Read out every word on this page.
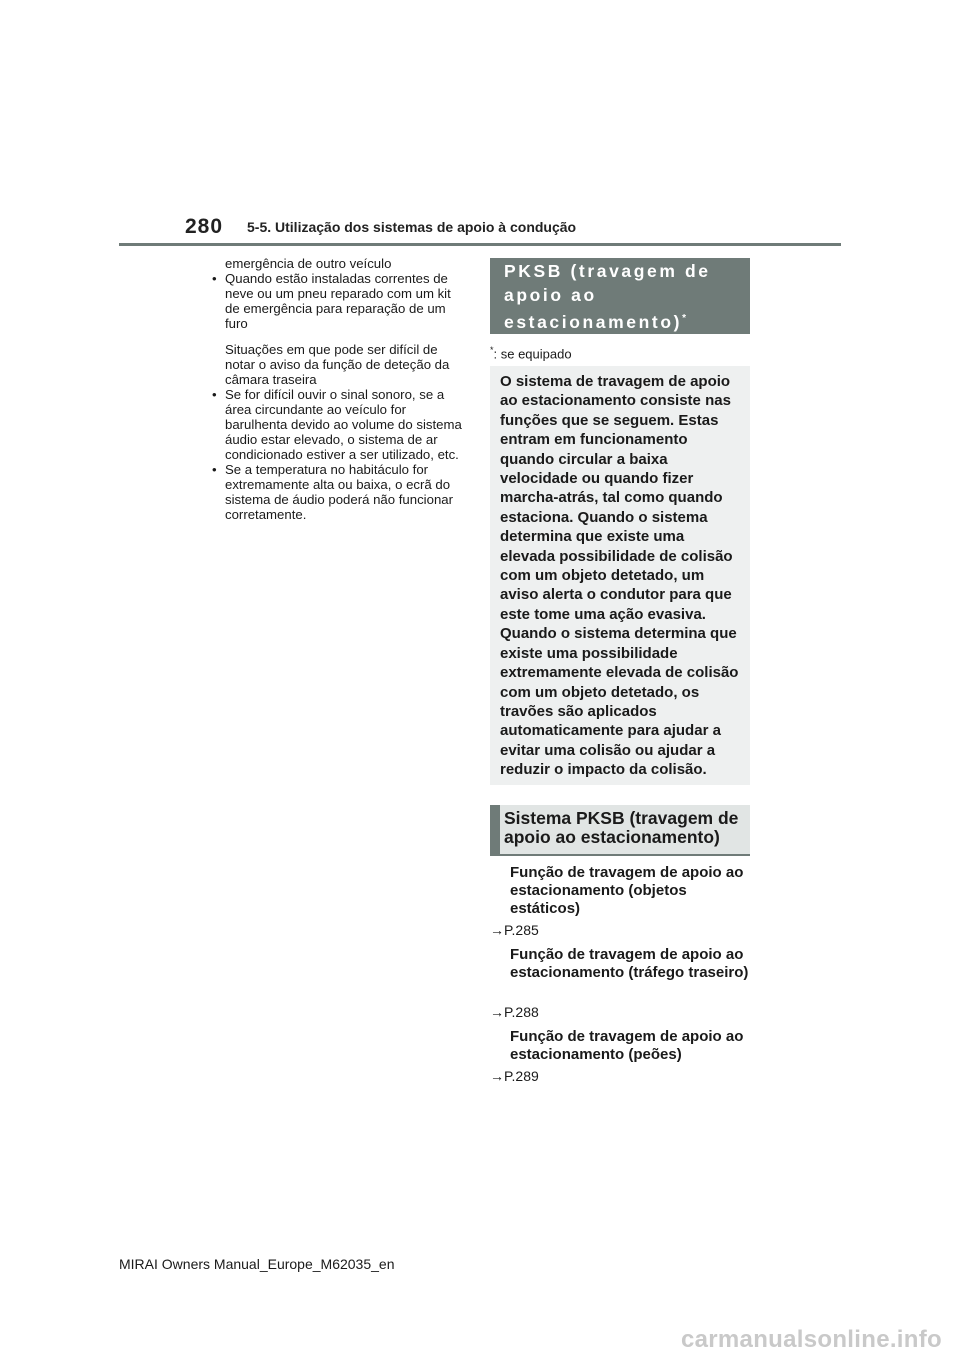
280 5-5. Utilização dos sistemas de apoio à condução

emergência de outro veículo

• Quando estão instaladas correntes de neve ou um pneu reparado com um kit de emergência para reparação de um furo

Situações em que pode ser difícil de notar o aviso da função de deteção da câmara traseira

• Se for difícil ouvir o sinal sonoro, se a área circundante ao veículo for barulhenta devido ao volume do sistema áudio estar elevado, o sistema de ar condicionado estiver a ser utilizado, etc.

• Se a temperatura no habitáculo for extremamente alta ou baixa, o ecrã do sistema de áudio poderá não funcionar corretamente.

PKSB (travagem de apoio ao estacionamento)*
*: se equipado

O sistema de travagem de apoio ao estacionamento consiste nas funções que se seguem. Estas entram em funcionamento quando circular a baixa velocidade ou quando fizer marcha-atrás, tal como quando estaciona. Quando o sistema determina que existe uma elevada possibilidade de colisão com um objeto detetado, um aviso alerta o condutor para que este tome uma ação evasiva. Quando o sistema determina que existe uma possibilidade extremamente elevada de colisão com um objeto detetado, os travões são aplicados automaticamente para ajudar a evitar uma colisão ou ajudar a reduzir o impacto da colisão.

Sistema PKSB (travagem de apoio ao estacionamento)
Função de travagem de apoio ao estacionamento (objetos estáticos)
→P.285
Função de travagem de apoio ao estacionamento (tráfego traseiro)
→P.288
Função de travagem de apoio ao estacionamento (peões)
→P.289
MIRAI Owners Manual_Europe_M62035_en
carmanualsonline.info
